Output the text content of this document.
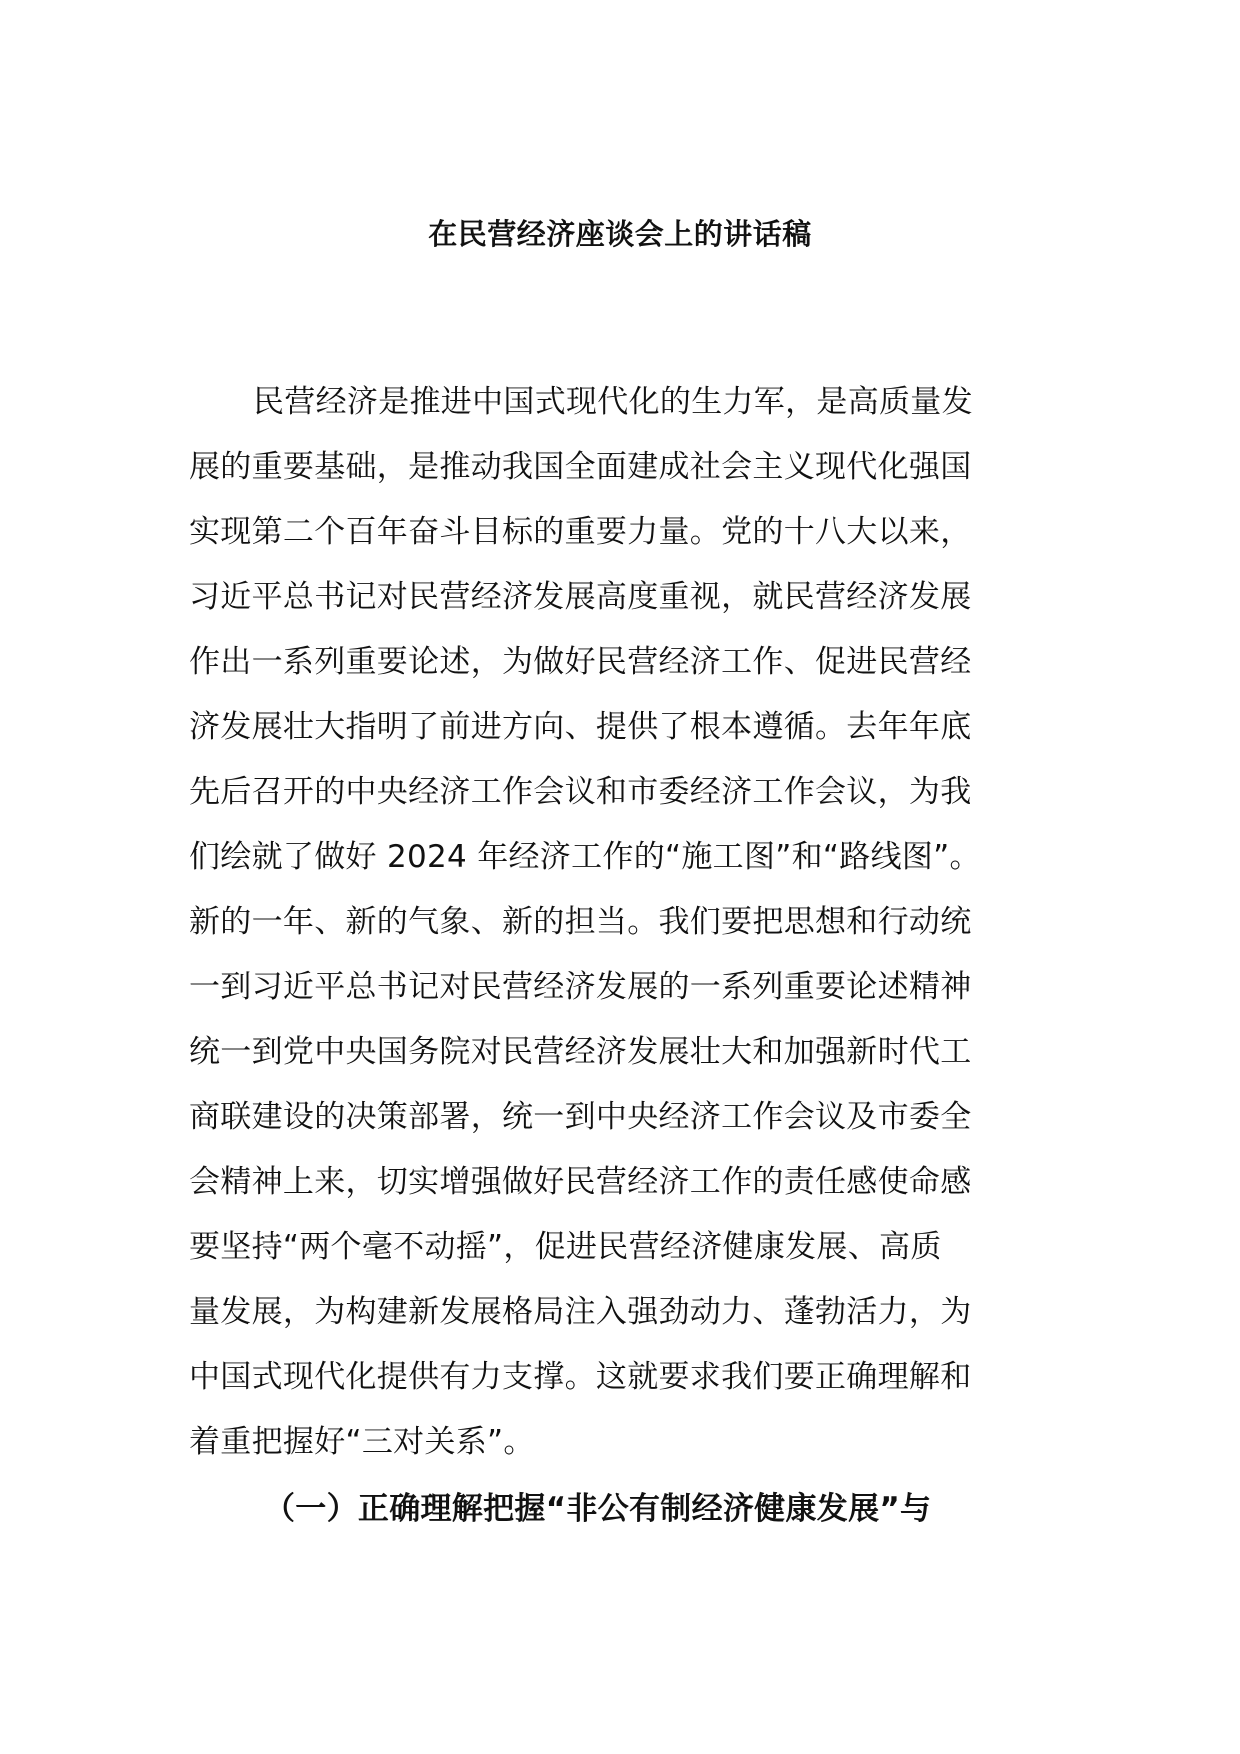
在民营经济座谈会上的讲话稿
民营经济是推进中国式现代化的生力军，是高质量发
展的重要基础，是推动我国全面建成社会主义现代化强国
实现第二个百年奋斗目标的重要力量。党的十八大以来，
习近平总书记对民营经济发展高度重视，就民营经济发展
作出一系列重要论述，为做好民营经济工作、促进民营经
济发展壮大指明了前进方向、提供了根本遵循。去年年底
先后召开的中央经济工作会议和市委经济工作会议，为我
们绘就了做好 2024 年经济工作的“施工图”和“路线图”。
新的一年、新的气象、新的担当。我们要把思想和行动统
一到习近平总书记对民营经济发展的一系列重要论述精神
统一到党中央国务院对民营经济发展壮大和加强新时代工
商联建设的决策部署，统一到中央经济工作会议及市委全
会精神上来，切实增强做好民营经济工作的责任感使命感
要坚持“两个毫不动摇”，促进民营经济健康发展、高质
量发展，为构建新发展格局注入强劲动力、蓬勃活力，为
中国式现代化提供有力支撑。这就要求我们要正确理解和
着重把握好“三对关系”。
（一）正确理解把握“非公有制经济健康发展”与
